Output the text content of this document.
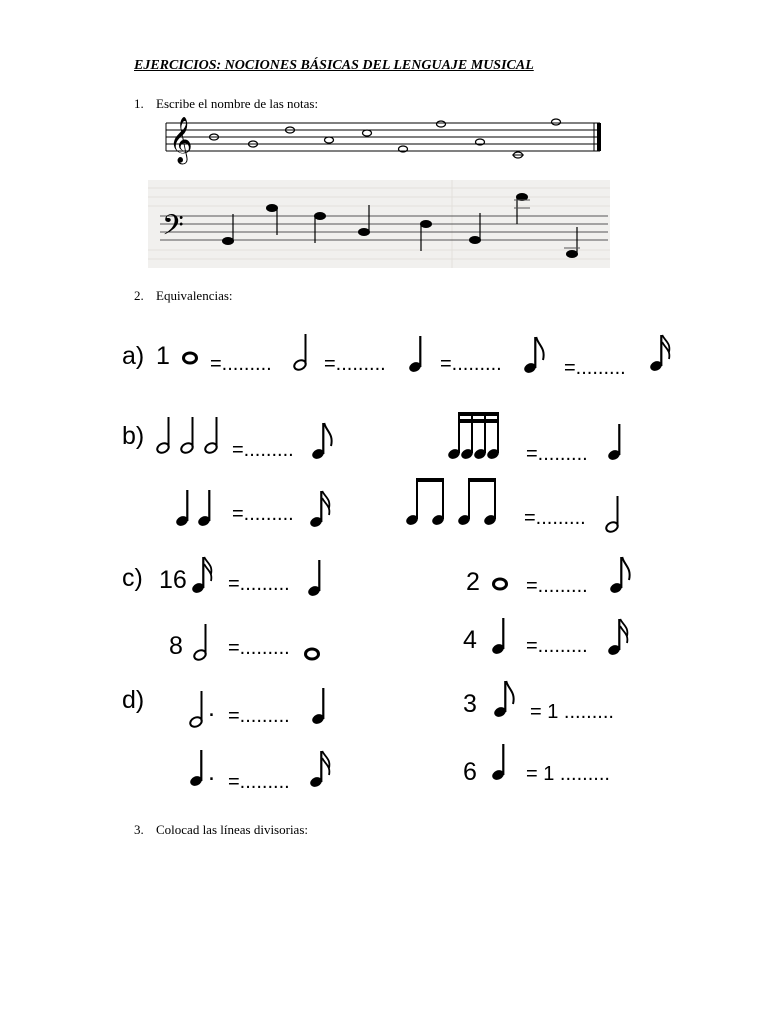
EJERCICIOS: NOCIONES BÁSICAS DEL LENGUAJE MUSICAL
1. Escribe el nombre de las notas:
𝄞
𝄢
2. Equivalencias:
a) 1 =.........	=.........	=.........	=.........
b)	=.........	=.........
=.........	=.........
c) 16 =.........	2 =.........
8 =.........	4 =.........
d)	. =.........	3	= 1 .........
. =.........	6 = 1 .........
3. Colocad las líneas divisorias:
